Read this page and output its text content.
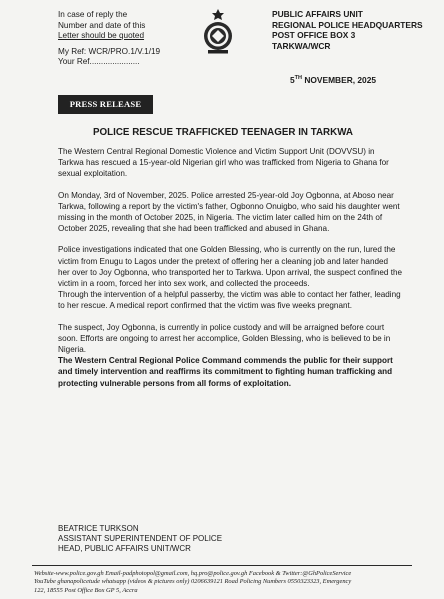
In case of reply the
Number and date of this
Letter should be quoted
My Ref: WCR/PRO.1/V.1/19
Your Ref......................
PUBLIC AFFAIRS UNIT
REGIONAL POLICE HEADQUARTERS
POST OFFICE BOX 3
TARKWA/WCR
5TH NOVEMBER, 2025
PRESS RELEASE
POLICE RESCUE TRAFFICKED TEENAGER IN TARKWA

The Western Central Regional Domestic Violence and Victim Support Unit (DOVVSU) in Tarkwa has rescued a 15-year-old Nigerian girl who was trafficked from Nigeria to Ghana for sexual exploitation.

On Monday, 3rd of November, 2025. Police arrested 25-year-old Joy Ogbonna, at Aboso near Tarkwa, following a report by the victim's father, Ogbonno Onuigbo, who said his daughter went missing in the month of October 2025, in Nigeria. The victim later called him on the 24th of October 2025, revealing that she had been trafficked and abused in Ghana.

Police investigations indicated that one Golden Blessing, who is currently on the run, lured the victim from Enugu to Lagos under the pretext of offering her a cleaning job and later handed her over to Joy Ogbonna, who transported her to Tarkwa. Upon arrival, the suspect confined the victim in a room, forced her into sex work, and collected the proceeds.

Through the intervention of a helpful passerby, the victim was able to contact her father, leading to her rescue. A medical report confirmed that the victim was five weeks pregnant.

The suspect, Joy Ogbonna, is currently in police custody and will be arraigned before court soon. Efforts are ongoing to arrest her accomplice, Golden Blessing, who is believed to be in Nigeria.

The Western Central Regional Police Command commends the public for their support and timely intervention and reaffirms its commitment to fighting human trafficking and protecting vulnerable persons from all forms of exploitation.

BEATRICE TURKSON
ASSISTANT SUPERINTENDENT OF POLICE
HEAD, PUBLIC AFFAIRS UNIT/WCR
Website-www.police.gov.gh Email-padphotopol@gmail.com, hq.pro@police.gov.gh Facebook & Twitter:@GhPoliceService
YouTube ghanapolicetude whatsapp (videos & pictures only) 0206639121 Road Policing Numbers 0550323323, Emergency
122, 18555 Post Office Box GP 5, Accra
